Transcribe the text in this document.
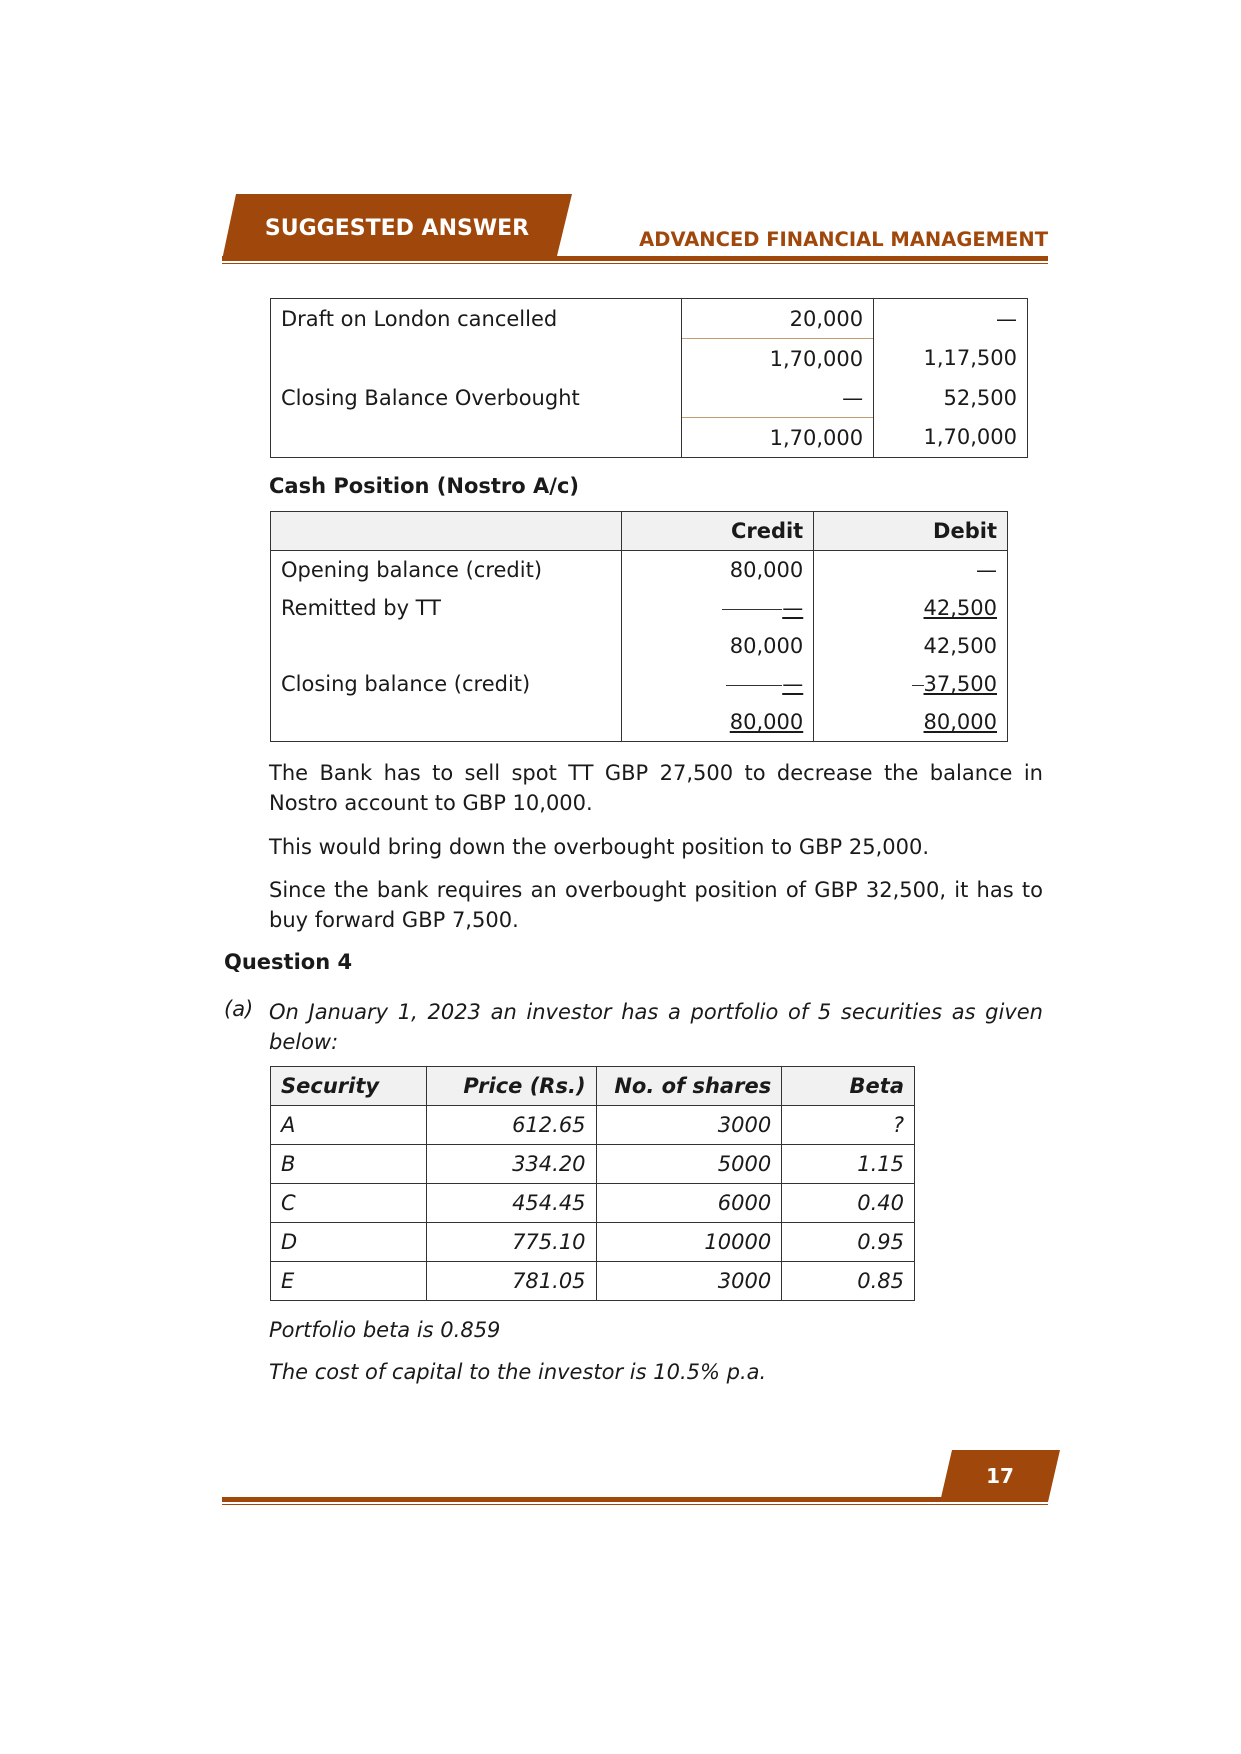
SUGGESTED ANSWER	ADVANCED FINANCIAL MANAGEMENT
Draft on London cancelled	20,000	—
	1,70,000	1,17,500
Closing Balance Overbought	—	52,500
	1,70,000	1,70,000
Cash Position (Nostro A/c)
	Credit	Debit
Opening balance (credit)	80,000	—
Remitted by TT	—	42,500
	80,000	42,500
Closing balance (credit)	—	37,500
	80,000	80,000
The Bank has to sell spot TT GBP 27,500 to decrease the balance in Nostro account to GBP 10,000.
This would bring down the overbought position to GBP 25,000.
Since the bank requires an overbought position of GBP 32,500, it has to buy forward GBP 7,500.
Question 4
(a) On January 1, 2023 an investor has a portfolio of 5 securities as given below:
Security	Price (Rs.)	No. of shares	Beta
A	612.65	3000	?
B	334.20	5000	1.15
C	454.45	6000	0.40
D	775.10	10000	0.95
E	781.05	3000	0.85
Portfolio beta is 0.859
The cost of capital to the investor is 10.5% p.a.
17
